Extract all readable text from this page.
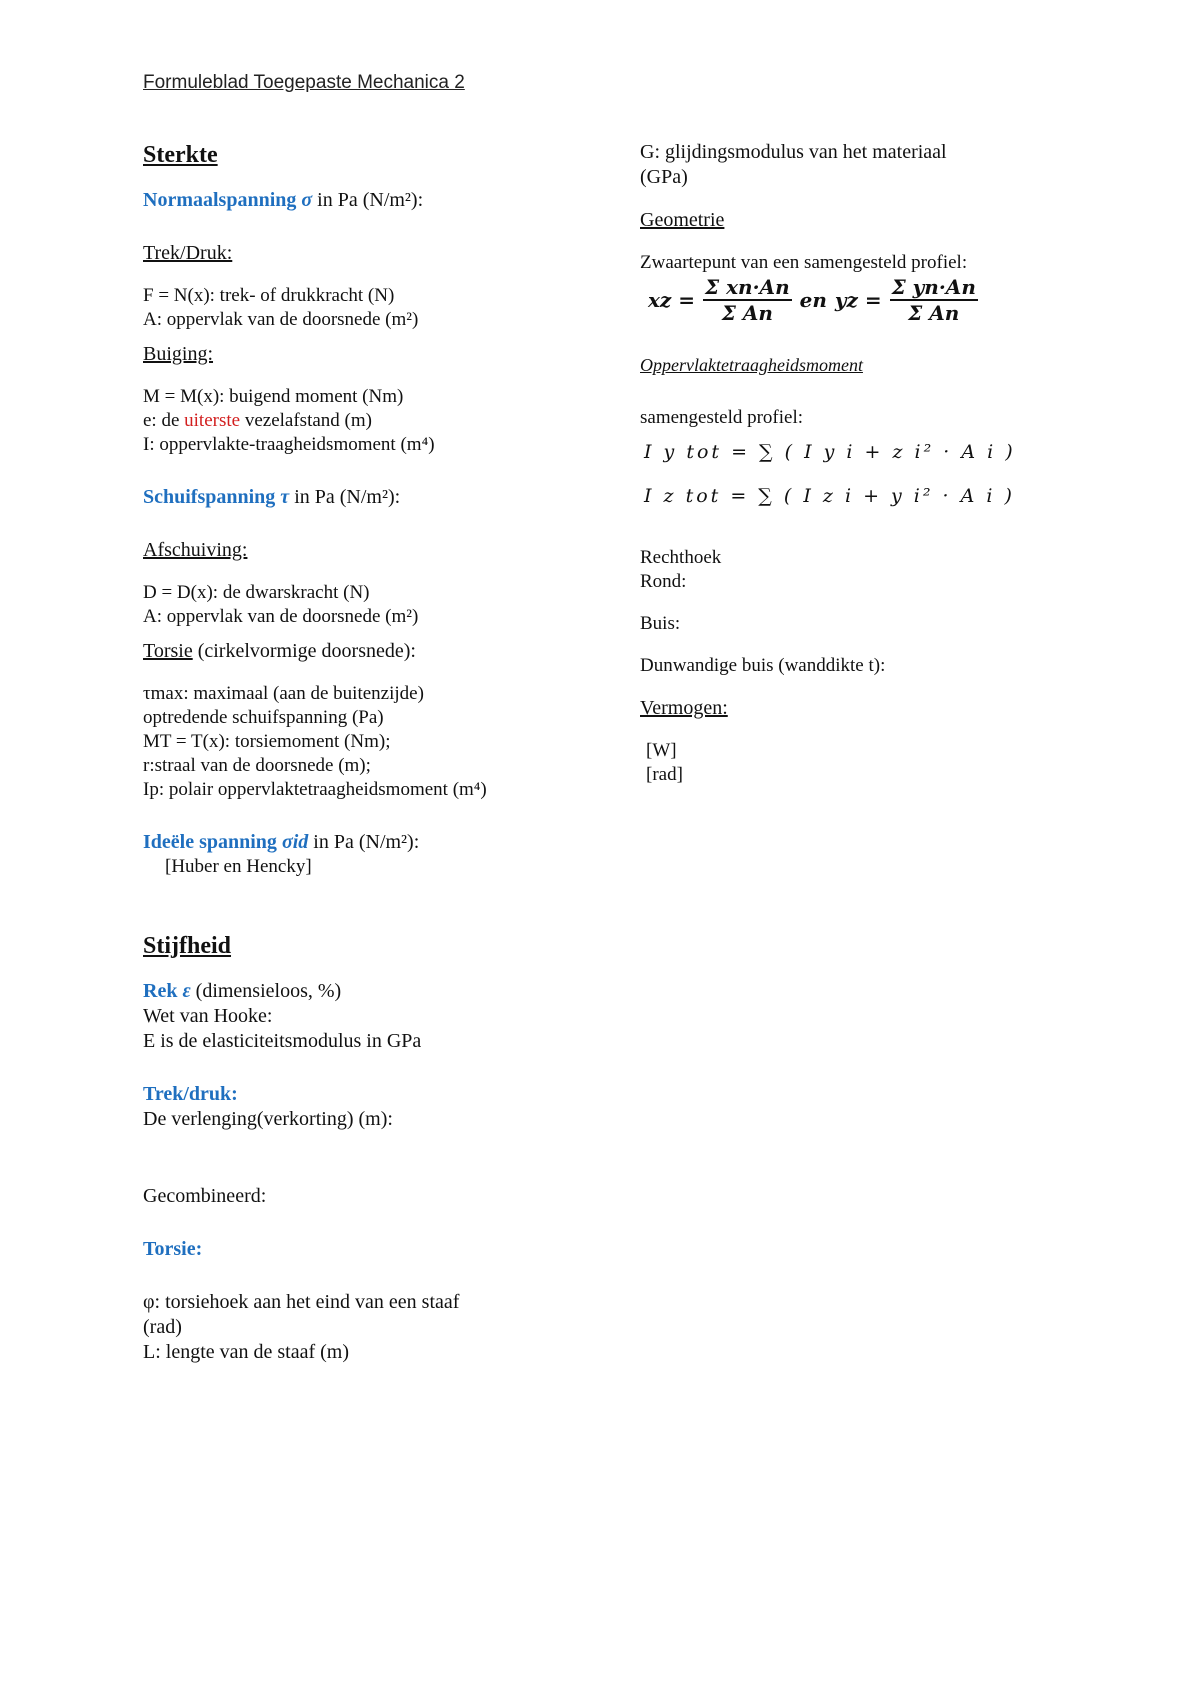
Formuleblad Toegepaste Mechanica 2
Sterkte
Normaalspanning σ in Pa (N/m²):
Trek/Druk:
F = N(x): trek- of drukkracht (N)
A: oppervlak van de doorsnede (m²)
Buiging:
M = M(x): buigend moment (Nm)
e: de uiterste vezelafstand (m)
I: oppervlakte-traagheidsmoment (m⁴)
Schuifspanning τ in Pa (N/m²):
Afschuiving:
D = D(x): de dwarskracht (N)
A: oppervlak van de doorsnede (m²)
Torsie (cirkelvormige doorsnede):
τmax: maximaal (aan de buitenzijde)
optredende schuifspanning (Pa)
MT = T(x): torsiemoment (Nm);
r:straal van de doorsnede (m);
Ip: polair oppervlaktetraagheidsmoment (m⁴)
Ideële spanning σid in Pa (N/m²):
[Huber en Hencky]
Stijfheid
Rek ε (dimensieloos, %)
Wet van Hooke:
E is de elasticiteitsmodulus in GPa
Trek/druk:
De verlenging(verkorting) (m):
Gecombineerd:
Torsie:
φ: torsiehoek aan het eind van een staaf
(rad)
L: lengte van de staaf (m)
G: glijdingsmodulus van het materiaal
(GPa)
Geometrie
Zwaartepunt van een samengesteld profiel:
xz = $\frac{\text{Σ xn·An}}{\text{Σ An}}$ en yz = $\frac{\text{Σ yn·An}}{\text{Σ An}}$
Oppervlaktetraagheidsmoment
samengesteld profiel:
I y tot = ∑ ( I y i + z i² · A i )
I z tot = ∑ ( I z i + y i² · A i )
Rechthoek
Rond:
Buis:
Dunwandige buis (wanddikte t):
Vermogen:
[W]
[rad]
